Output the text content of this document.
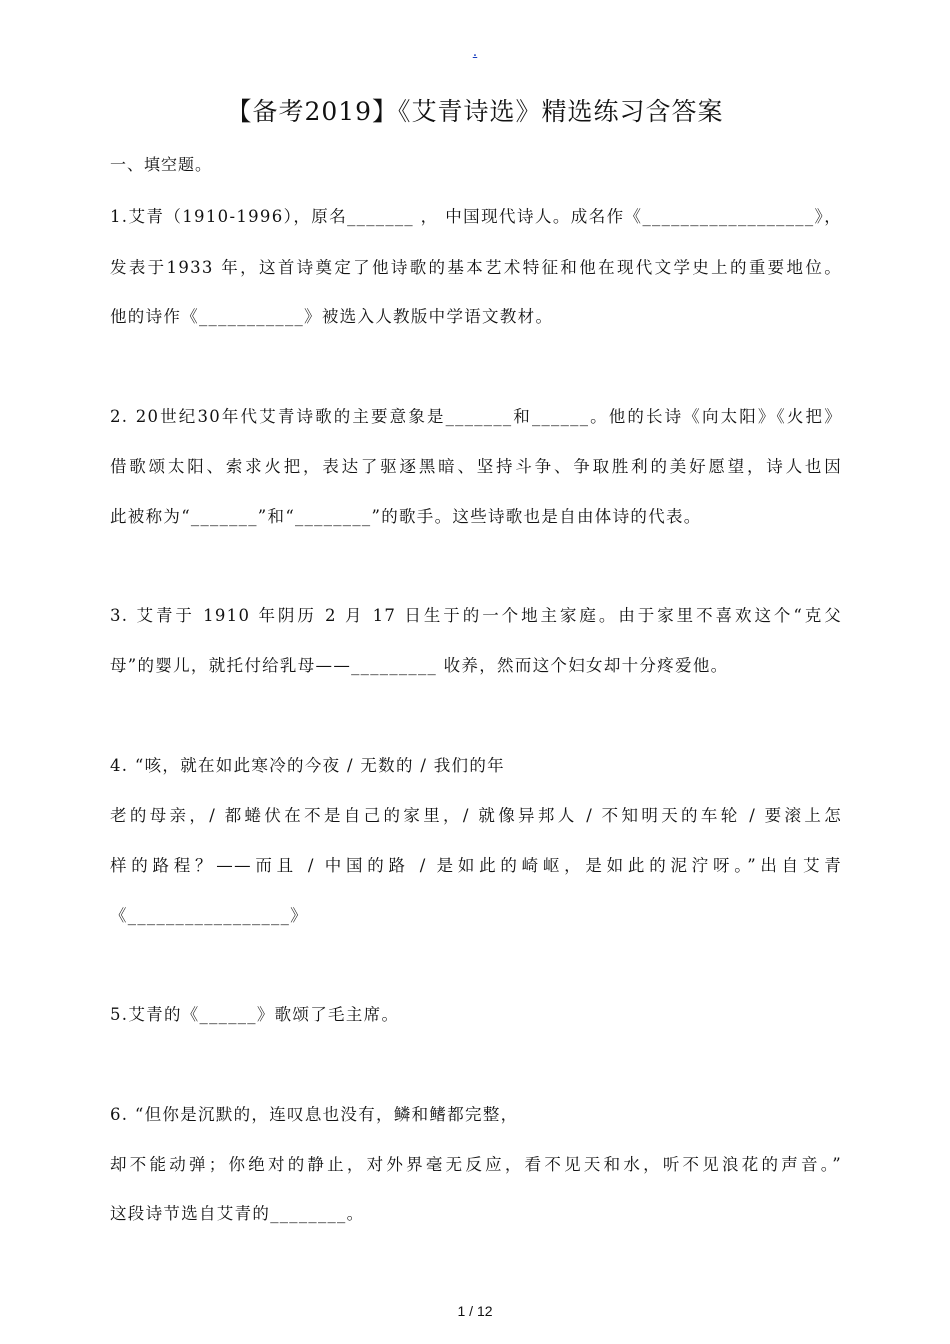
.
【备考2019】《艾青诗选》精选练习含答案
一、填空题。
1.艾青（1910-1996），原名_______ ， 中国现代诗人。成名作《__________________》，
发表于1933 年，这首诗奠定了他诗歌的基本艺术特征和他在现代文学史上的重要地位。
他的诗作《___________》被选入人教版中学语文教材。
2. 20世纪30年代艾青诗歌的主要意象是_______和______。他的长诗《向太阳》《火把》
借歌颂太阳、索求火把，表达了驱逐黑暗、坚持斗争、争取胜利的美好愿望，诗人也因
此被称为“_______”和“________”的歌手。这些诗歌也是自由体诗的代表。
3. 艾青于 1910 年阴历 2 月 17 日生于的一个地主家庭。由于家里不喜欢这个“克父
母”的婴儿，就托付给乳母——_________ 收养，然而这个妇女却十分疼爱他。
4. “咳，就在如此寒冷的今夜 / 无数的 / 我们的年
老的母亲，/ 都蜷伏在不是自己的家里，/ 就像异邦人 / 不知明天的车轮 / 要滚上怎
样的路程？——而且 / 中国的路 / 是如此的崎岖，是如此的泥泞呀。”出自艾青
《_________________》
5.艾青的《______》歌颂了毛主席。
6. “但你是沉默的，连叹息也没有，鳞和鳍都完整，
却不能动弹；你绝对的静止，对外界毫无反应，看不见天和水，听不见浪花的声音。”
这段诗节选自艾青的________。
1 / 12
